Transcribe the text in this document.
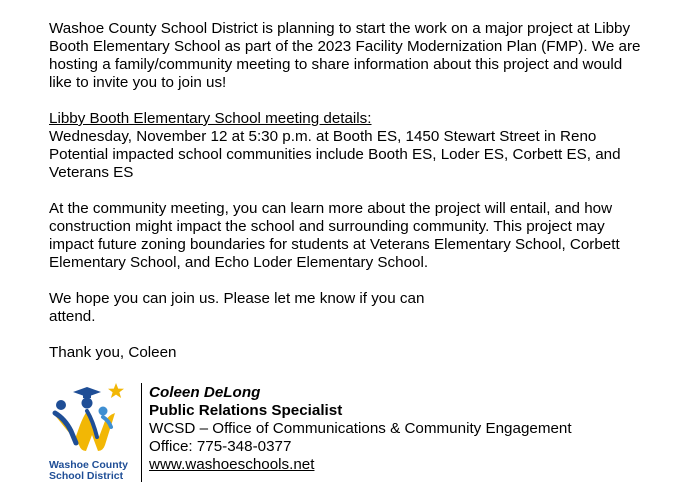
Washoe County School District is planning to start the work on a major project at Libby
Booth Elementary School as part of the 2023 Facility Modernization Plan (FMP). We are
hosting a family/community meeting to share information about this project and would
like to invite you to join us!

Libby Booth Elementary School meeting details:
Wednesday, November 12 at 5:30 p.m. at Booth ES, 1450 Stewart Street in Reno
Potential impacted school communities include Booth ES, Loder ES, Corbett ES, and
Veterans ES

At the community meeting, you can learn more about the project will entail, and how
construction might impact the school and surrounding community. This project may
impact future zoning boundaries for students at Veterans Elementary School, Corbett
Elementary School, and Echo Loder Elementary School.

We hope you can join us. Please let me know if you can
attend.

Thank you, Coleen

Washoe County
School District
Coleen DeLong
Public Relations Specialist
WCSD – Office of Communications & Community Engagement
Office: 775-348-0377
www.washoeschools.net
